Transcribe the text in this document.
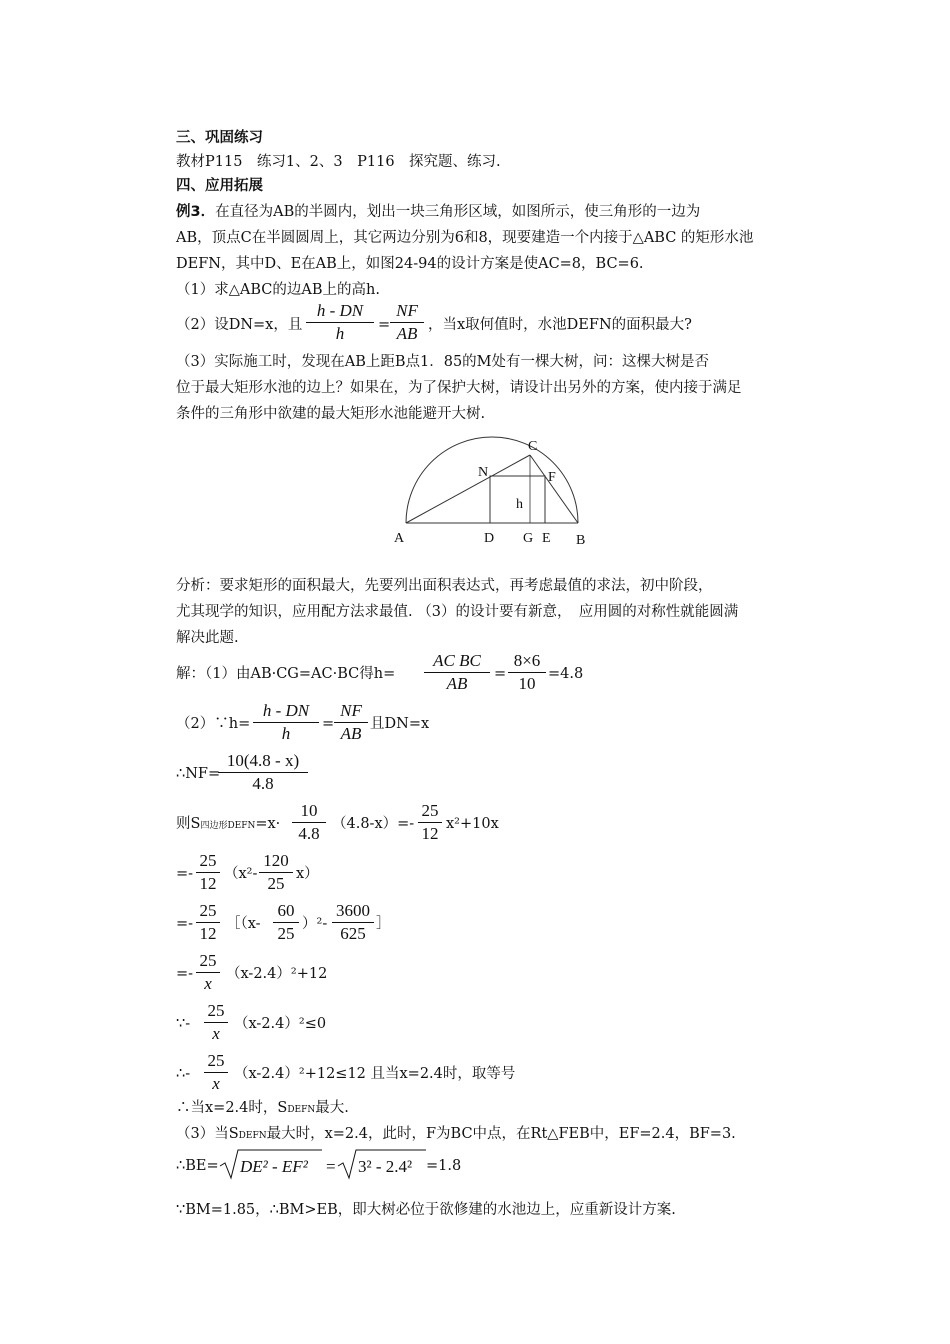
三、巩固练习
教材P115　练习1、2、3　P116　探究题、练习.
四、应用拓展
例3．在直径为AB的半圆内，划出一块三角形区域，如图所示，使三角形的一边为
AB，顶点C在半圆圆周上，其它两边分别为6和8，现要建造一个内接于△ABC 的矩形水池
DEFN，其中D、E在AB上，如图24-94的设计方案是使AC=8，BC=6.
（1）求△ABC的边AB上的高h.
（2）设DN=x，且 $\frac{h - DN}{h} = \frac{NF}{AB}$ ，当x取何值时，水池DEFN的面积最大?
（3）实际施工时，发现在AB上距B点1．85的M处有一棵大树，问：这棵大树是否
位于最大矩形水池的边上？如果在，为了保护大树，请设计出另外的方案，使内接于满足
条件的三角形中欲建的最大矩形水池能避开大树.
A	D G E B
C
F
N
h
分析：要求矩形的面积最大，先要列出面积表达式，再考虑最值的求法，初中阶段，
尤其现学的知识，应用配方法求最值. （3）的设计要有新意，　应用圆的对称性就能圆满
解决此题.
解：（1）由AB·CG=AC·BC得$h= \frac{\text{AC BC}}{AB} = \frac{8\times 6}{10} =4.8$
（2）∵h= $\frac{h - DN}{h} = \frac{NF}{AB}$ 且DN=x
∴NF=
$\frac{10(4.8 - x)}{4.8}$
则S四边形DEFN=x· $\frac{10}{4.8} (4.8-x)=- \frac{25}{12} x^2+10x$
=- $\frac{25}{12} (x^2- \frac{120}{25} x)$
=- $\frac{25}{12}$ ［（x- $\frac{60}{25} )^2- \frac{3600}{625}$ ］
=- $\frac{25}{x} (x-2.4)^2+12$
∵- $\frac{25}{x} (x-2.4)^2\le 0$
∴- $\frac{25}{x} (x-2.4)^2+12\le 12$ 且当x=2.4时，取等号
∴当x=2.4时，SDEFN最大.
（3）当SDEFN最大时，x=2.4，此时，F为BC中点，在Rt△FEB中，EF=2.4，BF=3.
∴BE= DE² - EF² = 3² - 2.4² =1.8
∵BM=1.85，∴BM>EB，即大树必位于欲修建的水池边上，应重新设计方案.
